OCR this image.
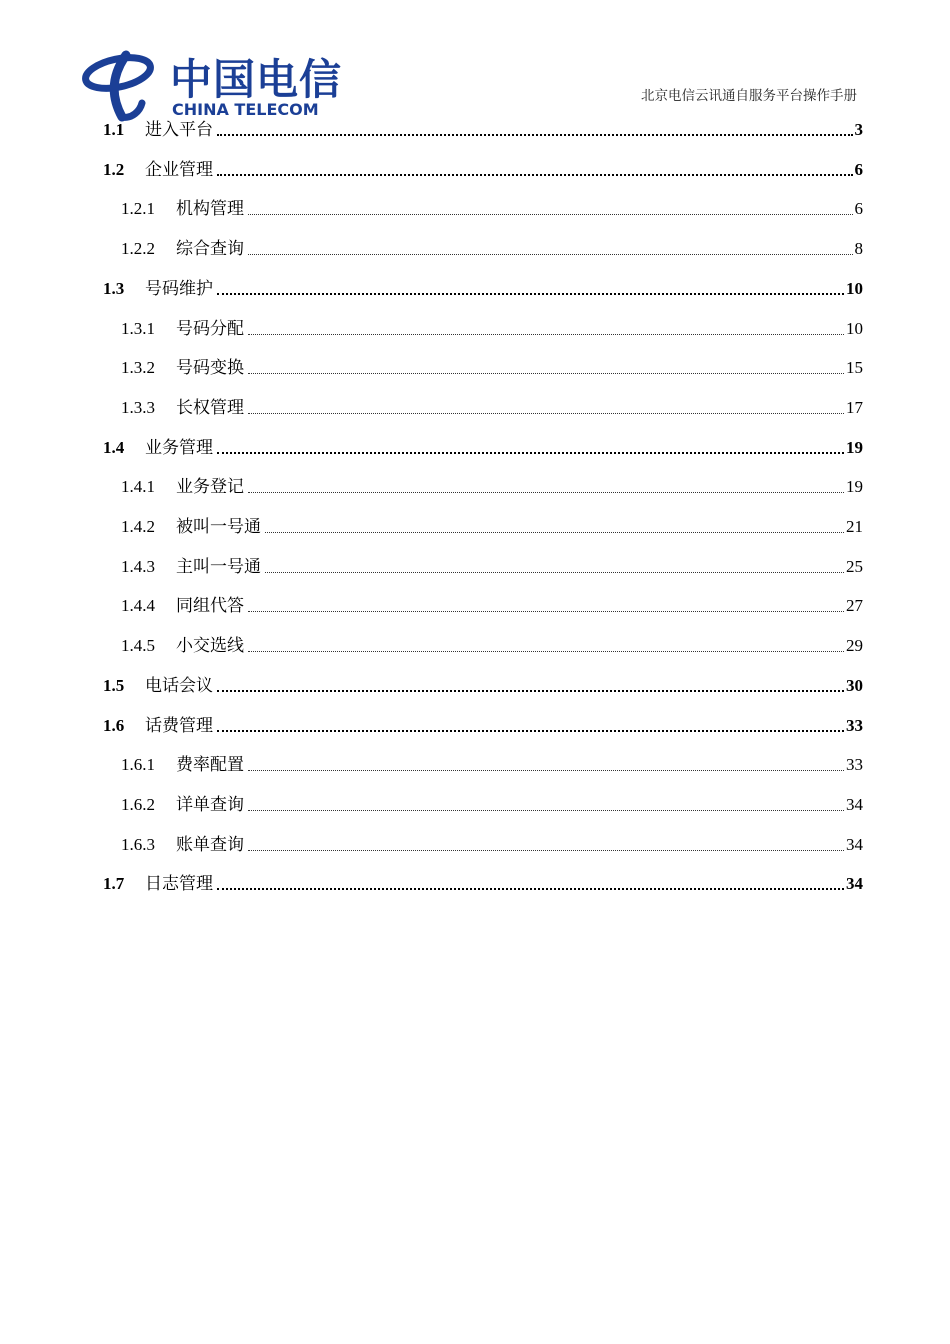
中国电信
CHINA TELECOM
北京电信云讯通自服务平台操作手册
1.1	进入平台	3
1.2	企业管理	6
1.2.1	机构管理	6
1.2.2	综合查询	8
1.3	号码维护	10
1.3.1	号码分配	10
1.3.2	号码变换	15
1.3.3	长权管理	17
1.4	业务管理	19
1.4.1	业务登记	19
1.4.2	被叫一号通	21
1.4.3	主叫一号通	25
1.4.4	同组代答	27
1.4.5	小交选线	29
1.5	电话会议	30
1.6	话费管理	33
1.6.1	费率配置	33
1.6.2	详单查询	34
1.6.3	账单查询	34
1.7	日志管理	34
